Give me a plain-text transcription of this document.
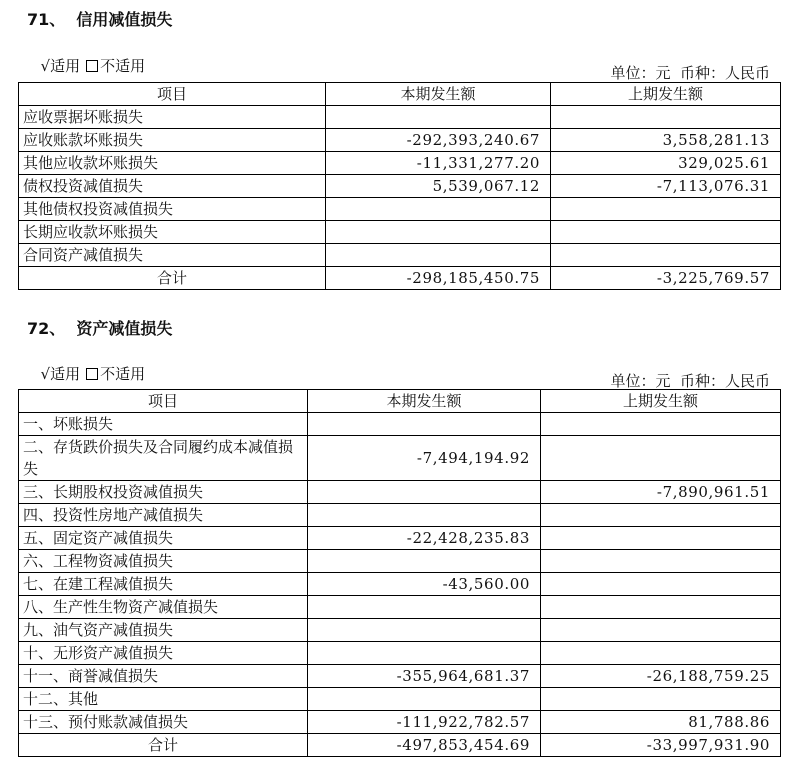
71、  信用减值损失

√适用 不适用	单位：元  币种：人民币
项目	本期发生额	上期发生额
应收票据坏账损失		
应收账款坏账损失	-292,393,240.67	3,558,281.13
其他应收款坏账损失	-11,331,277.20	329,025.61
债权投资减值损失	5,539,067.12	-7,113,076.31
其他债权投资减值损失		
长期应收款坏账损失		
合同资产减值损失		
合计	-298,185,450.75	-3,225,769.57
72、  资产减值损失

√适用 不适用	单位：元  币种：人民币
项目	本期发生额	上期发生额
一、坏账损失		
二、存货跌价损失及合同履约成本减值损失	-7,494,194.92	
三、长期股权投资减值损失		-7,890,961.51
四、投资性房地产减值损失		
五、固定资产减值损失	-22,428,235.83	
六、工程物资减值损失		
七、在建工程减值损失	-43,560.00	
八、生产性生物资产减值损失		
九、油气资产减值损失		
十、无形资产减值损失		
十一、商誉减值损失	-355,964,681.37	-26,188,759.25
十二、其他		
十三、预付账款减值损失	-111,922,782.57	81,788.86
合计	-497,853,454.69	-33,997,931.90
